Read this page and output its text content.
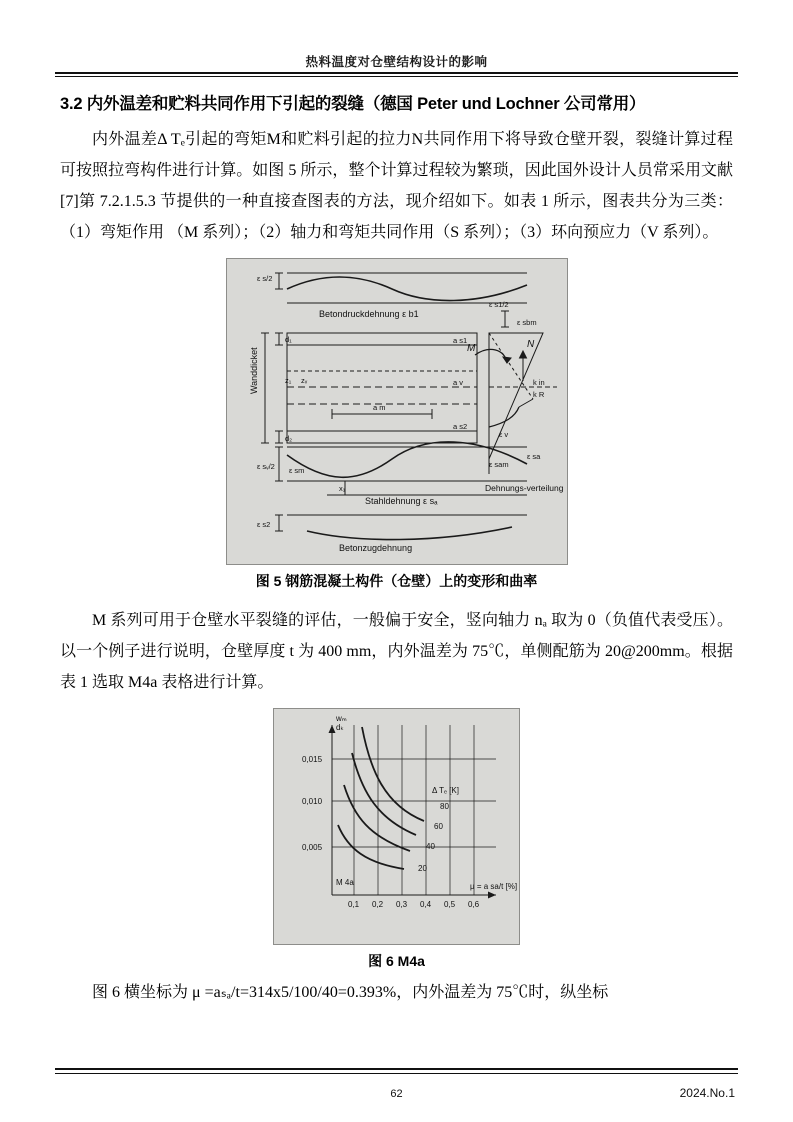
热料温度对仓壁结构设计的影响
3.2 内外温差和贮料共同作用下引起的裂缝（德国 Peter und Lochner 公司常用）

内外温差Δ Tₑ引起的弯矩M和贮料引起的拉力N共同作用下将导致仓壁开裂，裂缝计算过程可按照拉弯构件进行计算。如图 5 所示，整个计算过程较为繁琐，因此国外设计人员常采用文献[7]第 7.2.1.5.3 节提供的一种直接查图表的方法，现介绍如下。如表 1 所示，图表共分为三类：（1）弯矩作用 （M 系列）；（2）轴力和弯矩共同作用（S 系列）；（3）环向预应力（V 系列）。

ε s/2
Betondruckdehnung ε b1
Wanddicket
d₁
d₂
z₁ zᵥ
a s1
a v
a s2
a m
ε sᵥ/2 ε sm
ε s2
x₁
Stahldehnung ε sₐ
Betonzugdehnung
M	N
ε s1/2
ε sbm
k in
k R
ε v
ε sam
ε sa
Dehnungs-verteilung
图 5 钢筋混凝土构件（仓壁）上的变形和曲率

M 系列可用于仓壁水平裂缝的评估，一般偏于安全，竖向轴力 nₐ 取为 0（负值代表受压）。以一个例子进行说明，仓壁厚度 t 为 400 mm，内外温差为 75℃，单侧配筋为 20@200mm。根据表 1 选取 M4a 表格进行计算。

wₘ
dₖ
0,015
0,010
0,005
Δ Tₑ [K]
80
60
40
20
M 4a
0,1 0,2 0,3 0,4 0,5 0,6
μ = a sa/t [%]
图 6 M4a

图 6 横坐标为 μ =aₛₐ/t=314x5/100/40=0.393%，内外温差为 75℃时，纵坐标

62	2024.No.1
